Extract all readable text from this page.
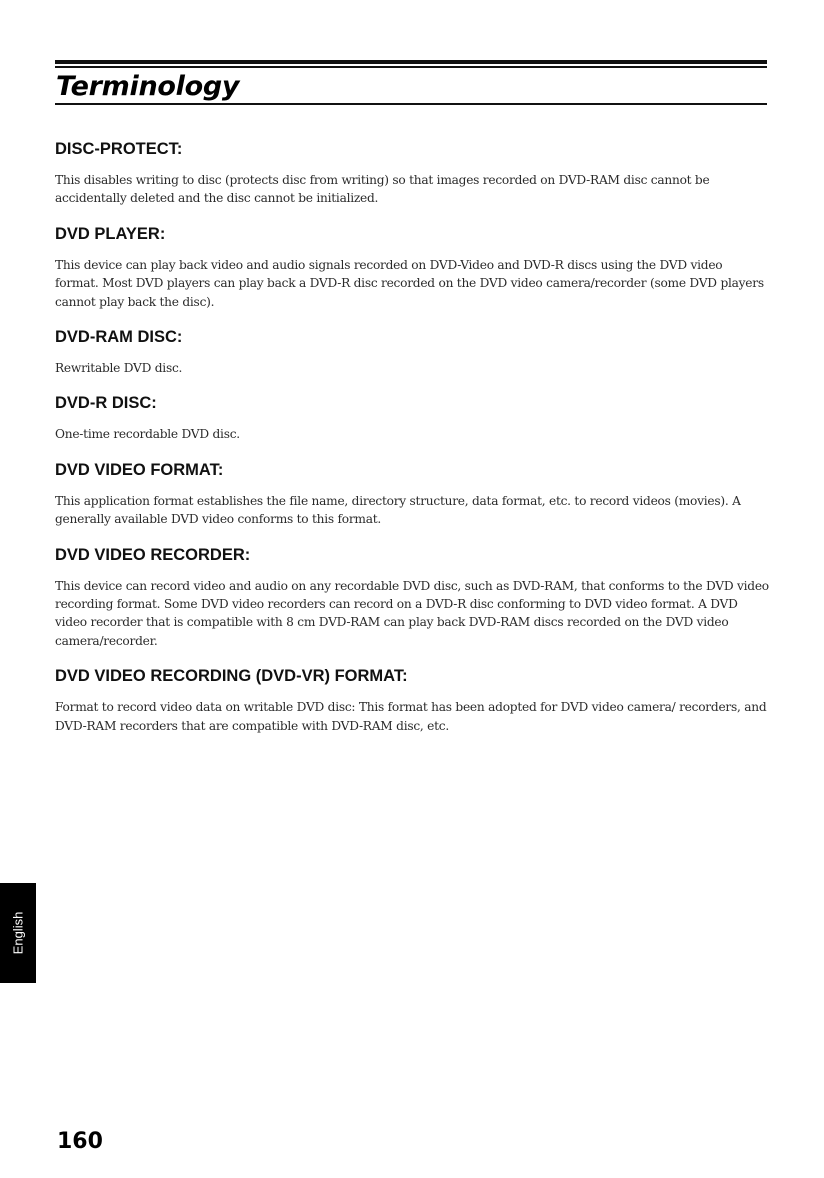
Terminology
DISC-PROTECT:

This disables writing to disc (protects disc from writing) so that images recorded on DVD-RAM disc cannot be accidentally deleted and the disc cannot be initialized.

DVD PLAYER:

This device can play back video and audio signals recorded on DVD-Video and DVD-R discs using the DVD video format. Most DVD players can play back a DVD-R disc recorded on the DVD video camera/recorder (some DVD players cannot play back the disc).

DVD-RAM DISC:

Rewritable DVD disc.

DVD-R DISC:

One-time recordable DVD disc.

DVD VIDEO FORMAT:

This application format establishes the file name, directory structure, data format, etc. to record videos (movies). A generally available DVD video conforms to this format.

DVD VIDEO RECORDER:

This device can record video and audio on any recordable DVD disc, such as DVD-RAM, that conforms to the DVD video recording format. Some DVD video recorders can record on a DVD-R disc conforming to DVD video format. A DVD video recorder that is compatible with 8 cm DVD-RAM can play back DVD-RAM discs recorded on the DVD video camera/recorder.

DVD VIDEO RECORDING (DVD-VR) FORMAT:

Format to record video data on writable DVD disc: This format has been adopted for DVD video camera/ recorders, and DVD-RAM recorders that are compatible with DVD-RAM disc, etc.

English
160
